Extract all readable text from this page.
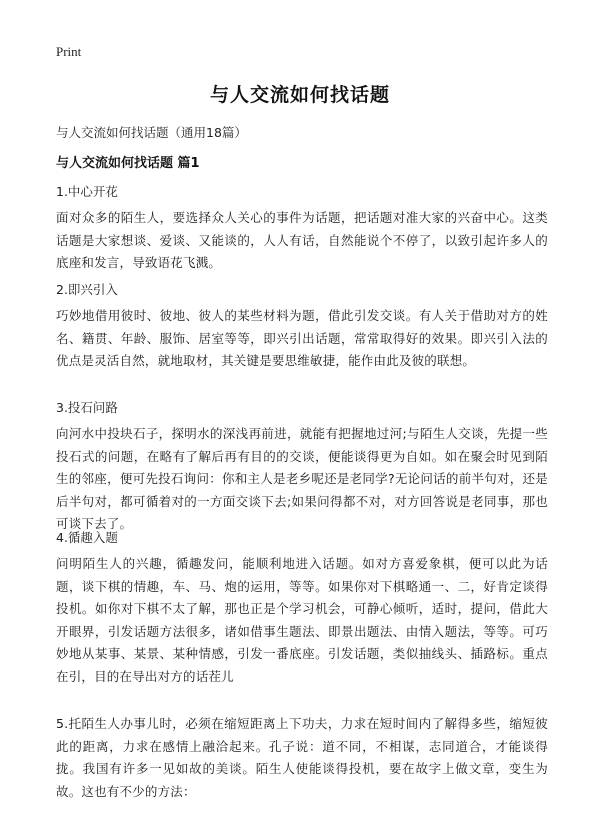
Print
与人交流如何找话题
与人交流如何找话题（通用18篇）
与人交流如何找话题 篇1
1.中心开花
面对众多的陌生人，要选择众人关心的事件为话题，把话题对准大家的兴奋中心。这类话题是大家想谈、爱谈、又能谈的，人人有话，自然能说个不停了，以致引起许多人的底座和发言，导致语花飞溅。
2.即兴引入
巧妙地借用彼时、彼地、彼人的某些材料为题，借此引发交谈。有人关于借助对方的姓名、籍贯、年龄、服饰、居室等等，即兴引出话题，常常取得好的效果。即兴引入法的优点是灵活自然，就地取材，其关键是要思维敏捷，能作由此及彼的联想。
3.投石问路
向河水中投块石子，探明水的深浅再前进，就能有把握地过河;与陌生人交谈，先提一些投石式的问题，在略有了解后再有目的的交谈，便能谈得更为自如。如在聚会时见到陌生的邻座，便可先投石询问：你和主人是老乡呢还是老同学?无论问话的前半句对，还是后半句对，都可循着对的一方面交谈下去;如果问得都不对，对方回答说是老同事，那也可谈下去了。
4.循趣入题
问明陌生人的兴趣，循趣发问，能顺利地进入话题。如对方喜爱象棋，便可以此为话题，谈下棋的情趣，车、马、炮的运用，等等。如果你对下棋略通一、二，好肯定谈得投机。如你对下棋不太了解，那也正是个学习机会，可静心倾听，适时，提问，借此大开眼界，引发话题方法很多，诸如借事生题法、即景出题法、由情入题法，等等。可巧妙地从某事、某景、某种情感，引发一番底座。引发话题，类似抽线头、插路标。重点在引，目的在导出对方的话茬儿
5.托陌生人办事儿时，必须在缩短距离上下功夫，力求在短时间内了解得多些，缩短彼此的距离，力求在感情上融洽起来。孔子说：道不同，不相谋，志同道合，才能谈得拢。我国有许多一见如故的美谈。陌生人使能谈得投机，要在故字上做文章，变生为故。这也有不少的方法：
